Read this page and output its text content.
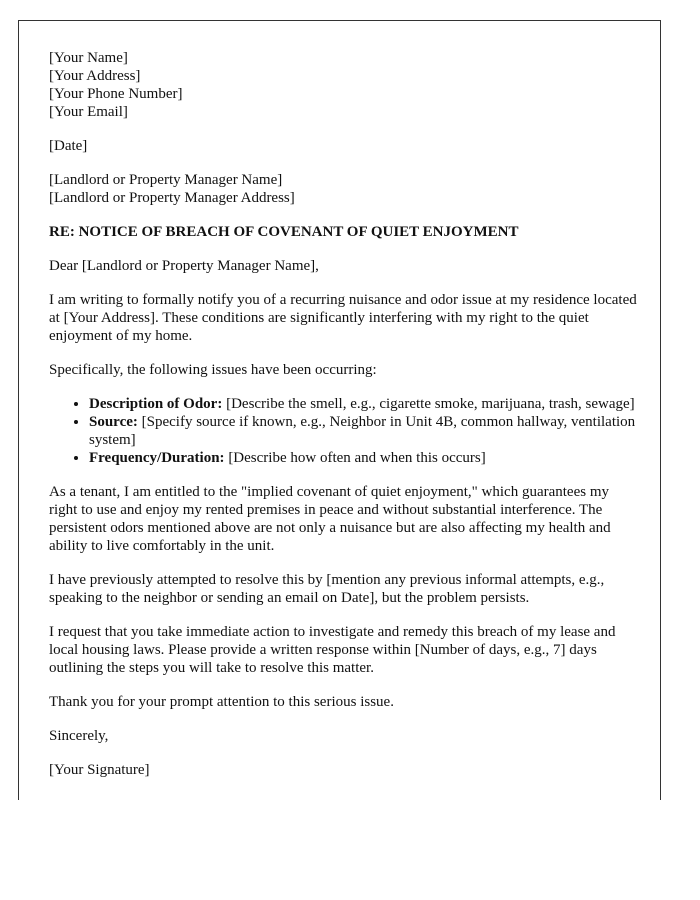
[Your Name]
[Your Address]
[Your Phone Number]
[Your Email]
[Date]
[Landlord or Property Manager Name]
[Landlord or Property Manager Address]
RE: NOTICE OF BREACH OF COVENANT OF QUIET ENJOYMENT

Dear [Landlord or Property Manager Name],

I am writing to formally notify you of a recurring nuisance and odor issue at my residence located at [Your Address]. These conditions are significantly interfering with my right to the quiet enjoyment of my home.

Specifically, the following issues have been occurring:

• Description of Odor: [Describe the smell, e.g., cigarette smoke, marijuana, trash, sewage]
• Source: [Specify source if known, e.g., Neighbor in Unit 4B, common hallway, ventilation system]
• Frequency/Duration: [Describe how often and when this occurs]

As a tenant, I am entitled to the "implied covenant of quiet enjoyment," which guarantees my right to use and enjoy my rented premises in peace and without substantial interference. The persistent odors mentioned above are not only a nuisance but are also affecting my health and ability to live comfortably in the unit.

I have previously attempted to resolve this by [mention any previous informal attempts, e.g., speaking to the neighbor or sending an email on Date], but the problem persists.

I request that you take immediate action to investigate and remedy this breach of my lease and local housing laws. Please provide a written response within [Number of days, e.g., 7] days outlining the steps you will take to resolve this matter.

Thank you for your prompt attention to this serious issue.

Sincerely,

[Your Signature]
